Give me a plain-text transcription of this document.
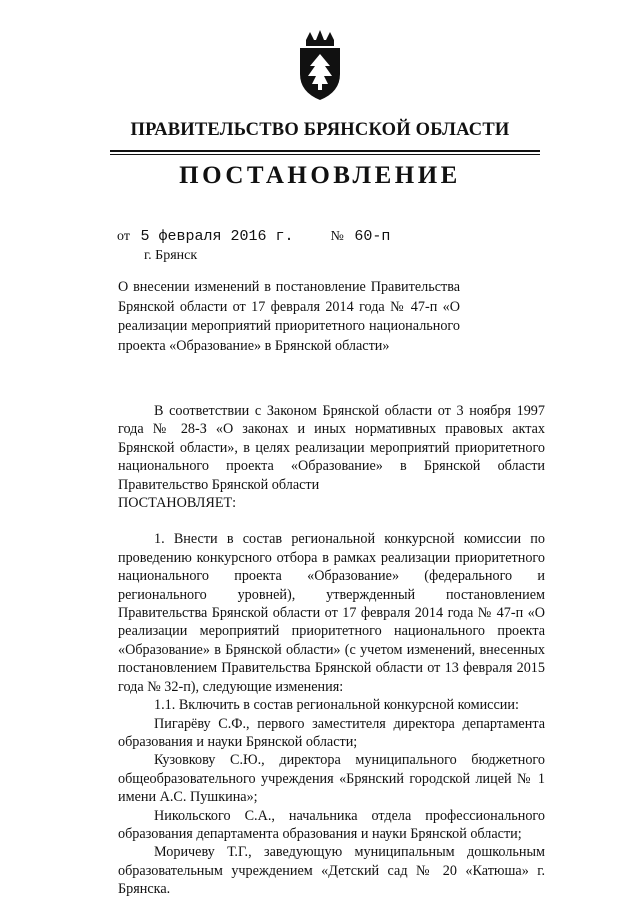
ПРАВИТЕЛЬСТВО БРЯНСКОЙ ОБЛАСТИ
ПОСТАНОВЛЕНИЕ
от 5 февраля 2016 г.	№ 60-п
г. Брянск
О внесении изменений в постановление Правительства Брянской области от 17 февраля 2014 года № 47-п «О реализации мероприятий приоритетного национального проекта «Образование» в Брянской области»

В соответствии с Законом Брянской области от 3 ноября 1997 года № 28-З «О законах и иных нормативных правовых актах Брянской области», в целях реализации мероприятий приоритетного национального проекта «Образование» в Брянской области Правительство Брянской области

ПОСТАНОВЛЯЕТ:

1. Внести в состав региональной конкурсной комиссии по проведению конкурсного отбора в рамках реализации приоритетного национального проекта «Образование» (федерального и регионального уровней), утвержденный постановлением Правительства Брянской области от 17 февраля 2014 года № 47-п «О реализации мероприятий приоритетного национального проекта «Образование» в Брянской области» (с учетом изменений, внесенных постановлением Правительства Брянской области от 13 февраля 2015 года № 32-п), следующие изменения:

1.1. Включить в состав региональной конкурсной комиссии:

Пигарёву С.Ф., первого заместителя директора департамента образования и науки Брянской области;

Кузовкову С.Ю., директора муниципального бюджетного общеобразовательного учреждения «Брянский городской лицей № 1 имени А.С. Пушкина»;

Никольского С.А., начальника отдела профессионального образования департамента образования и науки Брянской области;

Моричеву Т.Г., заведующую муниципальным дошкольным образовательным учреждением «Детский сад № 20 «Катюша» г. Брянска.
